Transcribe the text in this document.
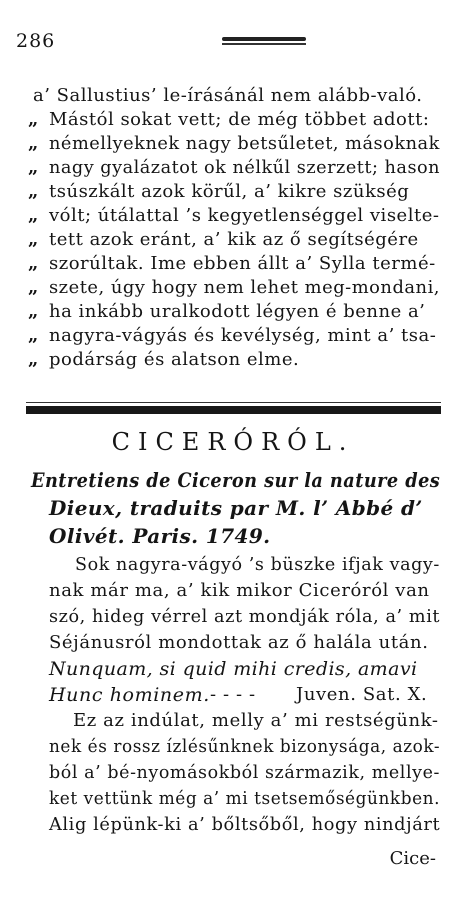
286
a’ Sallustius’ le-írásánál nem alább-való.
„ Mástól sokat vett; de még többet adott:
„ némellyeknek nagy betsűletet, másoknak
„ nagy gyalázatot ok nélkűl szerzett; hason
„ tsúszkált azok körűl, a’ kikre szükség
„ vólt; útálattal ’s kegyetlenséggel viselte-
„ tett azok eránt, a’ kik az ő segítségére
„ szorúltak. Ime ebben állt a’ Sylla termé-
„ szete, úgy hogy nem lehet meg-mondani,
„ ha inkább uralkodott légyen é benne a’
„ nagyra-vágyás és kevélység, mint a’ tsa-
„ podárság és alatson elme.
CICERÓRÓL.
Entretiens de Ciceron sur la nature des
Dieux, traduits par M. l’ Abbé d’
Olivét. Paris. 1749.
Sok nagyra-vágyó ’s büszke ifjak vagy-
nak már ma, a’ kik mikor Ciceróról van
szó, hideg vérrel azt mondják róla, a’ mit
Séjánusról mondottak az ő halála után.
Nunquam, si quid mihi credis, amavi
Hunc hominem. - - - - Juven. Sat. X.
Ez az indúlat, melly a’ mi restségünk-
nek és rossz ízlésűnknek bizonysága, azok-
ból a’ bé-nyomásokból származik, mellye-
ket vettünk még a’ mi tsetsemőségünkben.
Alig lépünk-ki a’ bőltsőből, hogy nindjárt
Cice-
